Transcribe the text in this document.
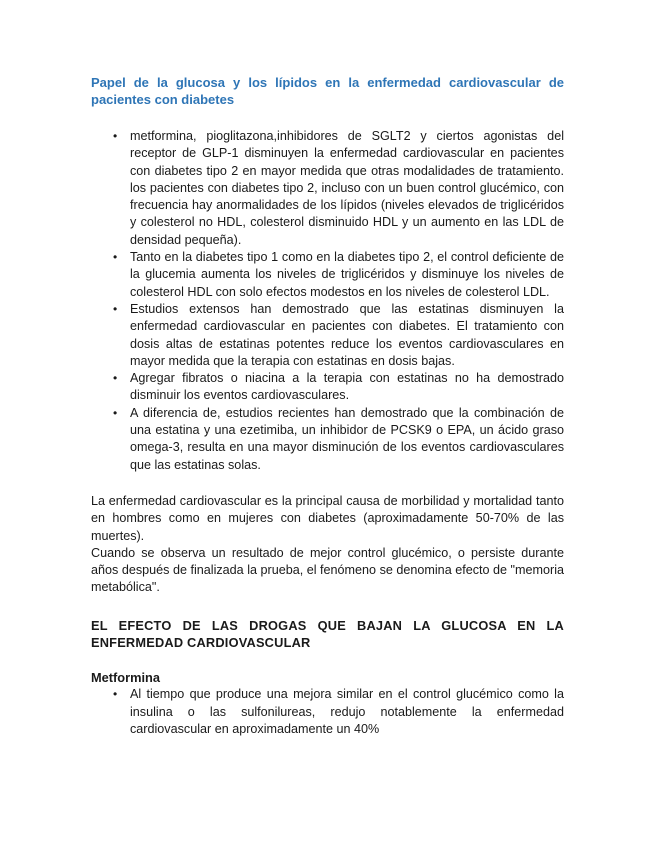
Papel de la glucosa y los lípidos en la enfermedad cardiovascular de pacientes con diabetes
• metformina, pioglitazona,inhibidores de SGLT2 y ciertos agonistas del receptor de GLP-1 disminuyen la enfermedad cardiovascular en pacientes con diabetes tipo 2 en mayor medida que otras modalidades de tratamiento. los pacientes con diabetes tipo 2, incluso con un buen control glucémico, con frecuencia hay anormalidades de los lípidos (niveles elevados de triglicéridos y colesterol no HDL, colesterol disminuido HDL y un aumento en las LDL de densidad pequeña).
• Tanto en la diabetes tipo 1 como en la diabetes tipo 2, el control deficiente de la glucemia aumenta los niveles de triglicéridos y disminuye los niveles de colesterol HDL con solo efectos modestos en los niveles de colesterol LDL.
• Estudios extensos han demostrado que las estatinas disminuyen la enfermedad cardiovascular en pacientes con diabetes. El tratamiento con dosis altas de estatinas potentes reduce los eventos cardiovasculares en mayor medida que la terapia con estatinas en dosis bajas.
• Agregar fibratos o niacina a la terapia con estatinas no ha demostrado disminuir los eventos cardiovasculares.
• A diferencia de, estudios recientes han demostrado que la combinación de una estatina y una ezetimiba, un inhibidor de PCSK9 o EPA, un ácido graso omega-3, resulta en una mayor disminución de los eventos cardiovasculares que las estatinas solas.

La enfermedad cardiovascular es la principal causa de morbilidad y mortalidad tanto en hombres como en mujeres con diabetes (aproximadamente 50-70% de las muertes).

Cuando se observa un resultado de mejor control glucémico, o persiste durante años después de finalizada la prueba, el fenómeno se denomina efecto de "memoria metabólica".

EL EFECTO DE LAS DROGAS QUE BAJAN LA GLUCOSA EN LA ENFERMEDAD CARDIOVASCULAR
Metformina
• Al tiempo que produce una mejora similar en el control glucémico como la insulina o las sulfonilureas, redujo notablemente la enfermedad cardiovascular en aproximadamente un 40%
